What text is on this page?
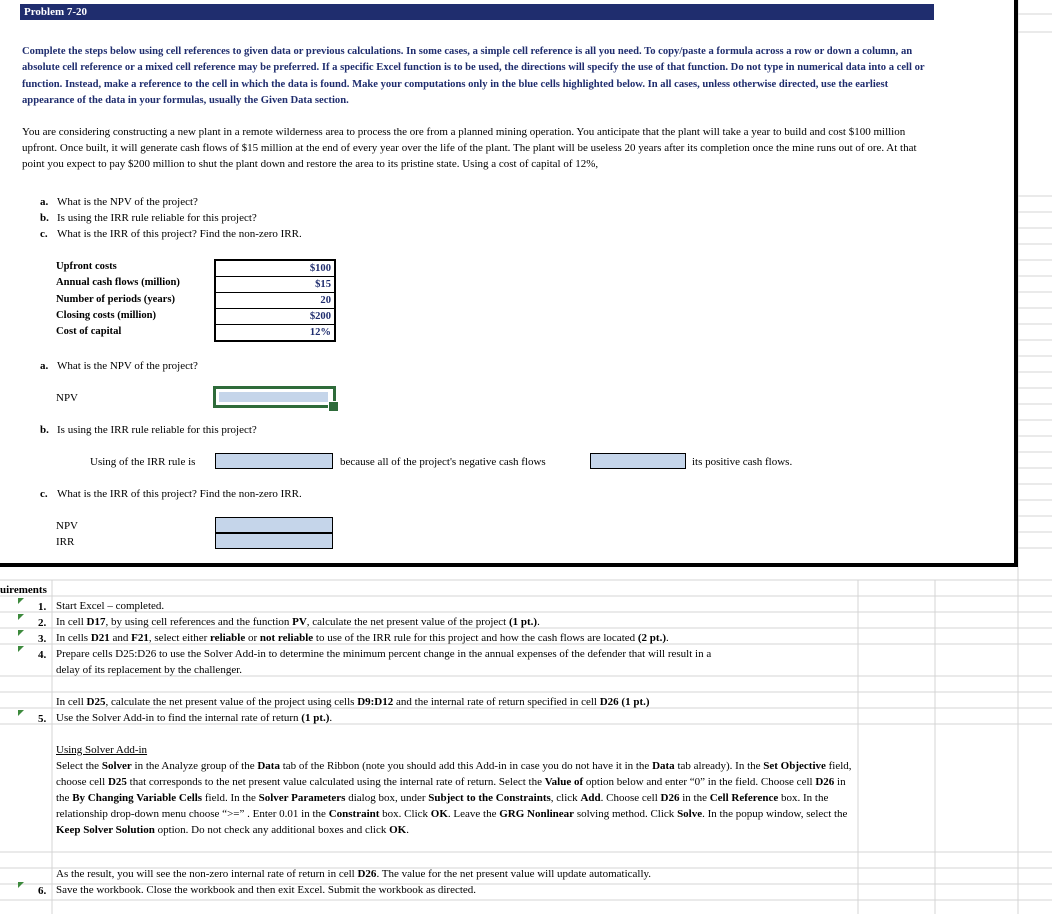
Problem 7-20
Complete the steps below using cell references to given data or previous calculations. In some cases, a simple cell reference is all you need. To copy/paste a formula across a row or down a column, an absolute cell reference or a mixed cell reference may be preferred. If a specific Excel function is to be used, the directions will specify the use of that function. Do not type in numerical data into a cell or function. Instead, make a reference to the cell in which the data is found. Make your computations only in the blue cells highlighted below. In all cases, unless otherwise directed, use the earliest appearance of the data in your formulas, usually the Given Data section.
You are considering constructing a new plant in a remote wilderness area to process the ore from a planned mining operation. You anticipate that the plant will take a year to build and cost $100 million upfront. Once built, it will generate cash flows of $15 million at the end of every year over the life of the plant. The plant will be useless 20 years after its completion once the mine runs out of ore. At that point you expect to pay $200 million to shut the plant down and restore the area to its pristine state. Using a cost of capital of 12%,
a. What is the NPV of the project?
b. Is using the IRR rule reliable for this project?
c. What is the IRR of this project? Find the non-zero IRR.
Upfront costs
Annual cash flows (million)
Number of periods (years)
Closing costs (million)
Cost of capital
$100
$15
20
$200
12%
a. What is the NPV of the project?
NPV
b. Is using the IRR rule reliable for this project?
Using of the IRR rule is	because all of the project's negative cash flows	its positive cash flows.
c. What is the IRR of this project? Find the non-zero IRR.
NPV
IRR
uirements
1. Start Excel – completed.
2. In cell D17, by using cell references and the function PV, calculate the net present value of the project (1 pt.).
3. In cells D21 and F21, select either reliable or not reliable to use of the IRR rule for this project and how the cash flows are located (2 pt.).
4. Prepare cells D25:D26 to use the Solver Add-in to determine the minimum percent change in the annual expenses of the defender that will result in a
delay of its replacement by the challenger.
In cell D25, calculate the net present value of the project using cells D9:D12 and the internal rate of return specified in cell D26 (1 pt.)
5. Use the Solver Add-in to find the internal rate of return (1 pt.).
Using Solver Add-in
Select the Solver in the Analyze group of the Data tab of the Ribbon (note you should add this Add-in in case you do not have it in the Data tab already). In the Set Objective field, choose cell D25 that corresponds to the net present value calculated using the internal rate of return. Select the Value of option below and enter “0” in the field. Choose cell D26 in the By Changing Variable Cells field. In the Solver Parameters dialog box, under Subject to the Constraints, click Add. Choose cell D26 in the Cell Reference box. In the relationship drop-down menu choose “>=” . Enter 0.01 in the Constraint box. Click OK. Leave the GRG Nonlinear solving method. Click Solve. In the popup window, select the Keep Solver Solution option. Do not check any additional boxes and click OK.
As the result, you will see the non-zero internal rate of return in cell D26. The value for the net present value will update automatically.
6. Save the workbook. Close the workbook and then exit Excel. Submit the workbook as directed.
